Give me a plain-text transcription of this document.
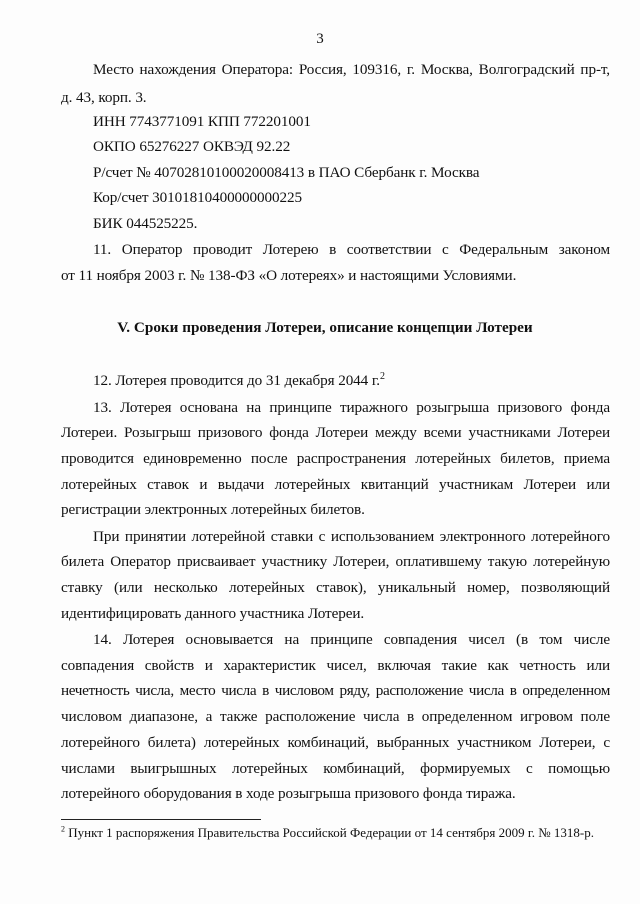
3
Место нахождения Оператора: Россия, 109316, г. Москва, Волгоградский пр-т,
д. 43, корп. 3.
ИНН 7743771091 КПП 772201001
ОКПО 65276227 ОКВЭД 92.22
Р/счет № 40702810100020008413 в ПАО Сбербанк г. Москва
Кор/счет 30101810400000000225
БИК 044525225.
11. Оператор проводит Лотерею в соответствии с Федеральным законом
от 11 ноября 2003 г. № 138-ФЗ «О лотереях» и настоящими Условиями.
V. Сроки проведения Лотереи, описание концепции Лотереи
12. Лотерея проводится до 31 декабря 2044 г.$^2$
13. Лотерея основана на принципе тиражного розыгрыша призового фонда
Лотереи. Розыгрыш призового фонда Лотереи между всеми участниками Лотереи
проводится единовременно после распространения лотерейных билетов, приема
лотерейных ставок и выдачи лотерейных квитанций участникам Лотереи или
регистрации электронных лотерейных билетов.
При принятии лотерейной ставки с использованием электронного лотерейного
билета Оператор присваивает участнику Лотереи, оплатившему такую лотерейную
ставку (или несколько лотерейных ставок), уникальный номер, позволяющий
идентифицировать данного участника Лотереи.
14. Лотерея основывается на принципе совпадения чисел (в том числе
совпадения свойств и характеристик чисел, включая такие как четность или
нечетность числа, место числа в числовом ряду, расположение числа в определенном
числовом диапазоне, а также расположение числа в определенном игровом поле
лотерейного билета) лотерейных комбинаций, выбранных участником Лотереи, с
числами выигрышных лотерейных комбинаций, формируемых с помощью
лотерейного оборудования в ходе розыгрыша призового фонда тиража.
$^2$ Пункт 1 распоряжения Правительства Российской Федерации от 14 сентября 2009 г. № 1318-р.
